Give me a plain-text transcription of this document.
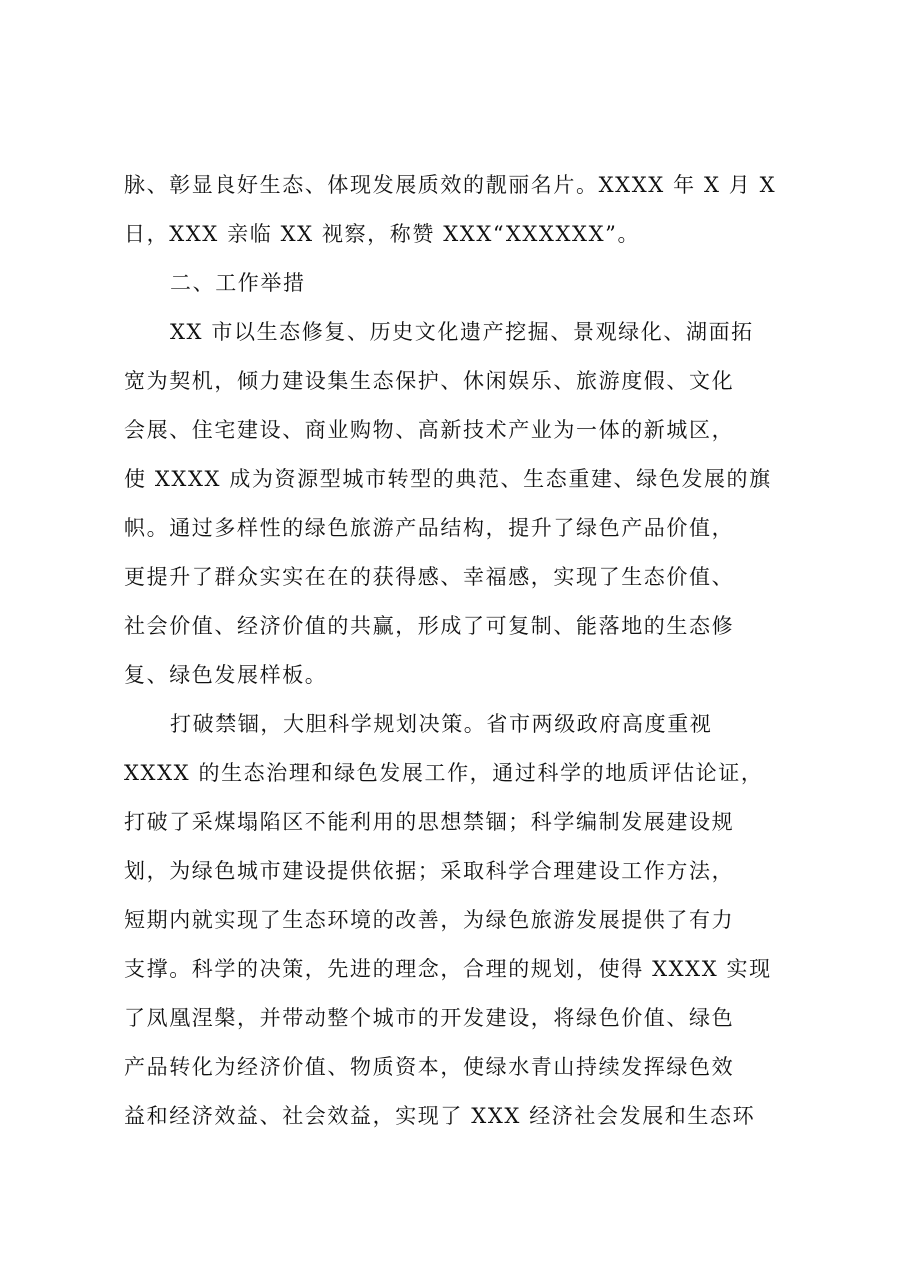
脉、彰显良好生态、体现发展质效的靓丽名片。XXXX 年 X 月 X
日，XXX 亲临 XX 视察，称赞 XXX“XXXXXX”。
二、工作举措
XX 市以生态修复、历史文化遗产挖掘、景观绿化、湖面拓
宽为契机，倾力建设集生态保护、休闲娱乐、旅游度假、文化
会展、住宅建设、商业购物、高新技术产业为一体的新城区，
使 XXXX 成为资源型城市转型的典范、生态重建、绿色发展的旗
帜。通过多样性的绿色旅游产品结构，提升了绿色产品价值，
更提升了群众实实在在的获得感、幸福感，实现了生态价值、
社会价值、经济价值的共赢，形成了可复制、能落地的生态修
复、绿色发展样板。
打破禁锢，大胆科学规划决策。省市两级政府高度重视
XXXX 的生态治理和绿色发展工作，通过科学的地质评估论证，
打破了采煤塌陷区不能利用的思想禁锢；科学编制发展建设规
划，为绿色城市建设提供依据；采取科学合理建设工作方法，
短期内就实现了生态环境的改善，为绿色旅游发展提供了有力
支撑。科学的决策，先进的理念，合理的规划，使得 XXXX 实现
了凤凰涅槃，并带动整个城市的开发建设，将绿色价值、绿色
产品转化为经济价值、物质资本，使绿水青山持续发挥绿色效
益和经济效益、社会效益，实现了 XXX 经济社会发展和生态环
